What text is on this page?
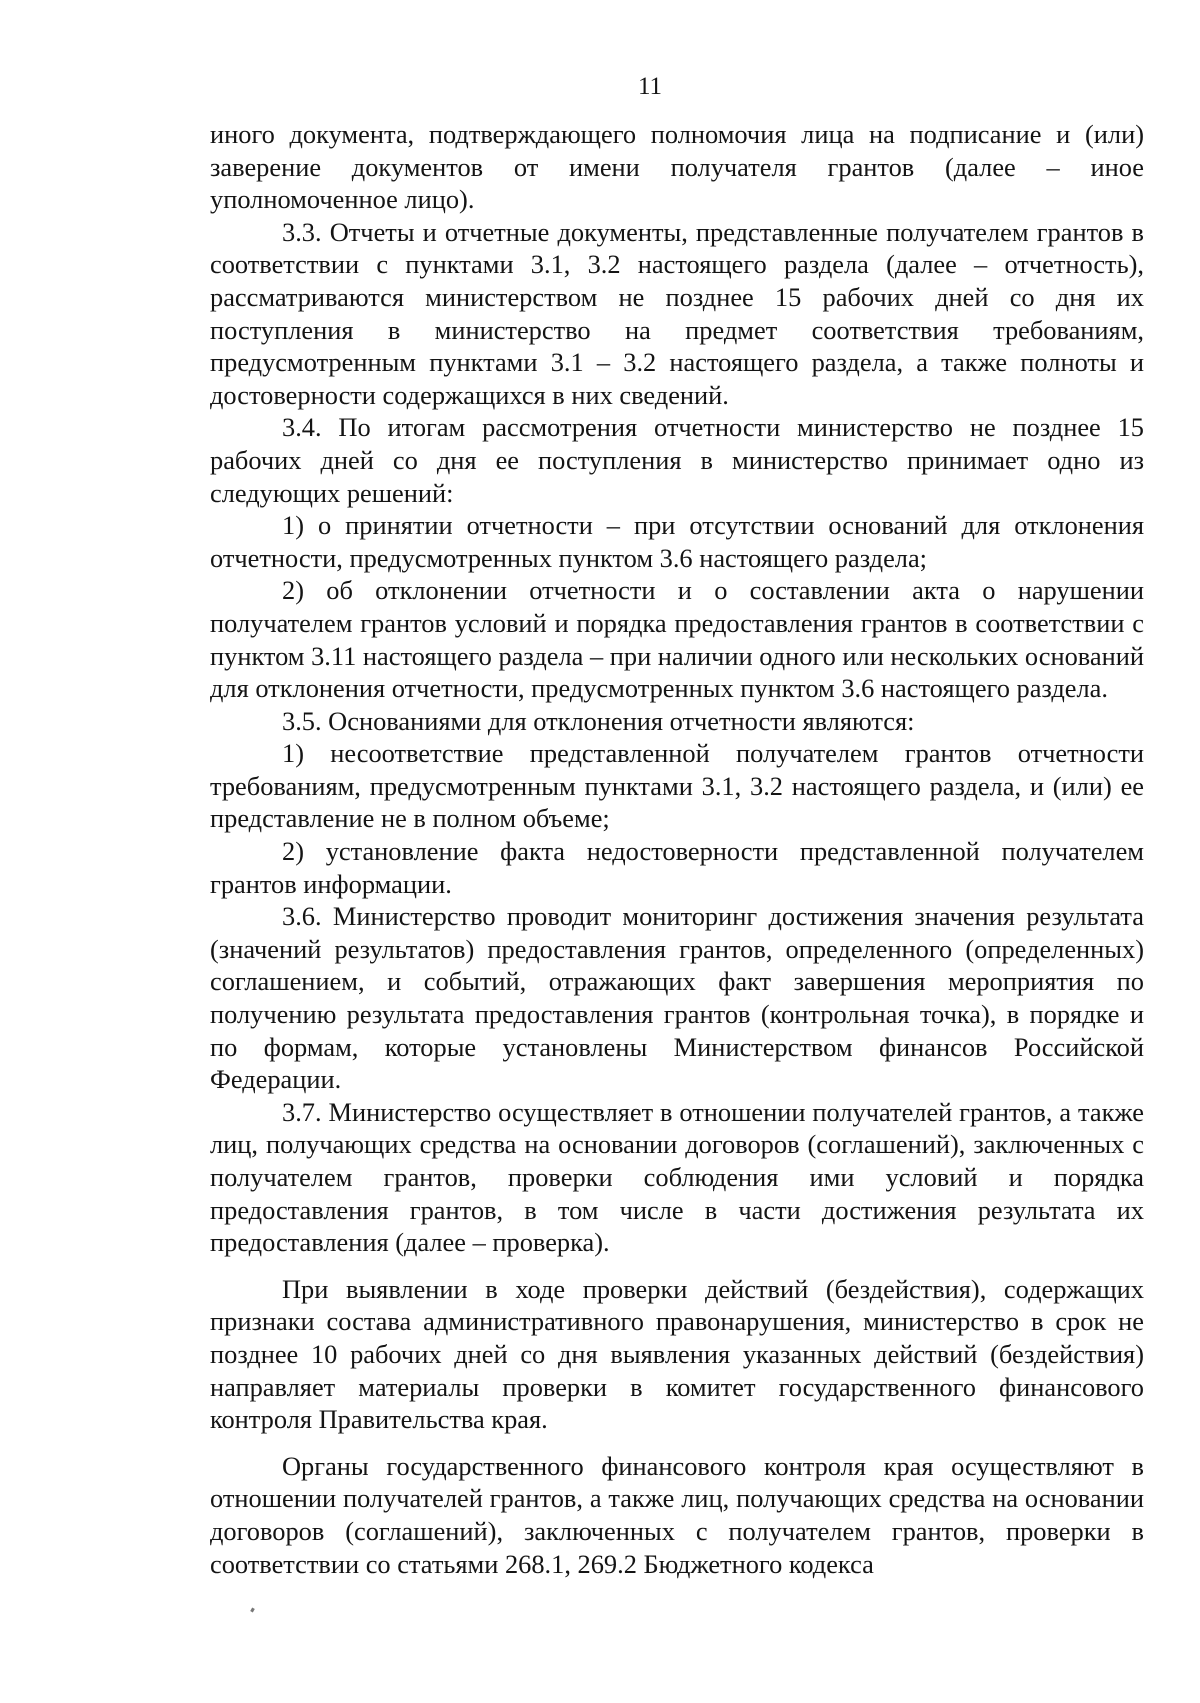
11

иного документа, подтверждающего полномочия лица на подписание и (или) заверение документов от имени получателя грантов (далее – иное уполномоченное лицо).

3.3. Отчеты и отчетные документы, представленные получателем грантов в соответствии с пунктами 3.1, 3.2 настоящего раздела (далее – отчетность), рассматриваются министерством не позднее 15 рабочих дней со дня их поступления в министерство на предмет соответствия требованиям, предусмотренным пунктами 3.1 – 3.2 настоящего раздела, а также полноты и достоверности содержащихся в них сведений.

3.4. По итогам рассмотрения отчетности министерство не позднее 15 рабочих дней со дня ее поступления в министерство принимает одно из следующих решений:

1) о принятии отчетности – при отсутствии оснований для отклонения отчетности, предусмотренных пунктом 3.6 настоящего раздела;

2) об отклонении отчетности и о составлении акта о нарушении получателем грантов условий и порядка предоставления грантов в соответствии с пунктом 3.11 настоящего раздела – при наличии одного или нескольких оснований для отклонения отчетности, предусмотренных пунктом 3.6 настоящего раздела.

3.5. Основаниями для отклонения отчетности являются:

1) несоответствие представленной получателем грантов отчетности требованиям, предусмотренным пунктами 3.1, 3.2 настоящего раздела, и (или) ее представление не в полном объеме;

2) установление факта недостоверности представленной получателем грантов информации.

3.6. Министерство проводит мониторинг достижения значения результата (значений результатов) предоставления грантов, определенного (определенных) соглашением, и событий, отражающих факт завершения мероприятия по получению результата предоставления грантов (контрольная точка), в порядке и по формам, которые установлены Министерством финансов Российской Федерации.

3.7. Министерство осуществляет в отношении получателей грантов, а также лиц, получающих средства на основании договоров (соглашений), заключенных с получателем грантов, проверки соблюдения ими условий и порядка предоставления грантов, в том числе в части достижения результата их предоставления (далее – проверка).

При выявлении в ходе проверки действий (бездействия), содержащих признаки состава административного правонарушения, министерство в срок не позднее 10 рабочих дней со дня выявления указанных действий (бездействия) направляет материалы проверки в комитет государственного финансового контроля Правительства края.

Органы государственного финансового контроля края осуществляют в отношении получателей грантов, а также лиц, получающих средства на основании договоров (соглашений), заключенных с получателем грантов, проверки в соответствии со статьями 268.1, 269.2 Бюджетного кодекса
